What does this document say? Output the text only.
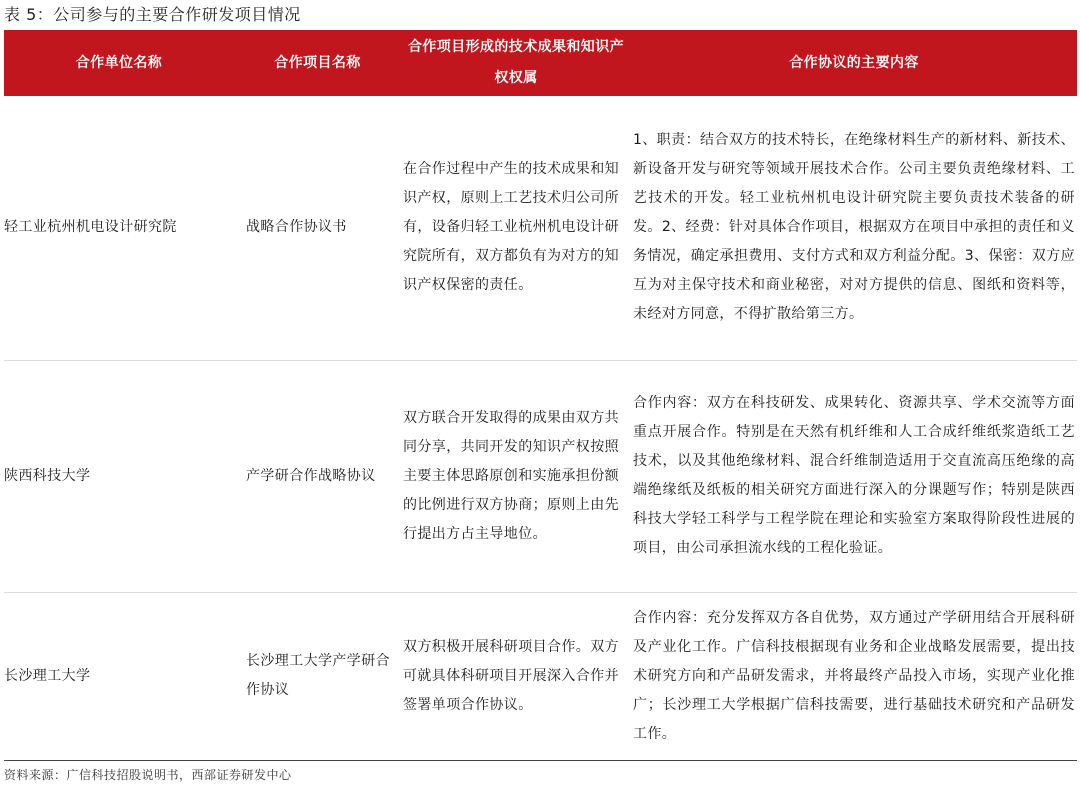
表 5：公司参与的主要合作研发项目情况
合作单位名称	合作项目名称	合作项目形成的技术成果和知识产权权属	合作协议的主要内容
轻工业杭州机电设计研究院	战略合作协议书	在合作过程中产生的技术成果和知识产权，原则上工艺技术归公司所有，设备归轻工业杭州机电设计研究院所有，双方都负有为对方的知识产权保密的责任。	1、职责：结合双方的技术特长，在绝缘材料生产的新材料、新技术、新设备开发与研究等领域开展技术合作。公司主要负责绝缘材料、工艺技术的开发。轻工业杭州机电设计研究院主要负责技术装备的研发。2、经费：针对具体合作项目，根据双方在项目中承担的责任和义务情况，确定承担费用、支付方式和双方利益分配。3、保密：双方应互为对主保守技术和商业秘密，对对方提供的信息、图纸和资料等，未经对方同意，不得扩散给第三方。
陕西科技大学	产学研合作战略协议	双方联合开发取得的成果由双方共同分享，共同开发的知识产权按照主要主体思路原创和实施承担份额的比例进行双方协商；原则上由先行提出方占主导地位。	合作内容：双方在科技研发、成果转化、资源共享、学术交流等方面重点开展合作。特别是在天然有机纤维和人工合成纤维纸浆造纸工艺技术，以及其他绝缘材料、混合纤维制造适用于交直流高压绝缘的高端绝缘纸及纸板的相关研究方面进行深入的分课题写作；特别是陕西科技大学轻工科学与工程学院在理论和实验室方案取得阶段性进展的项目，由公司承担流水线的工程化验证。
长沙理工大学	长沙理工大学产学研合作协议	双方积极开展科研项目合作。双方可就具体科研项目开展深入合作并签署单项合作协议。	合作内容：充分发挥双方各自优势，双方通过产学研用结合开展科研及产业化工作。广信科技根据现有业务和企业战略发展需要，提出技术研究方向和产品研发需求，并将最终产品投入市场，实现产业化推广；长沙理工大学根据广信科技需要，进行基础技术研究和产品研发工作。
资料来源：广信科技招股说明书，西部证券研发中心
